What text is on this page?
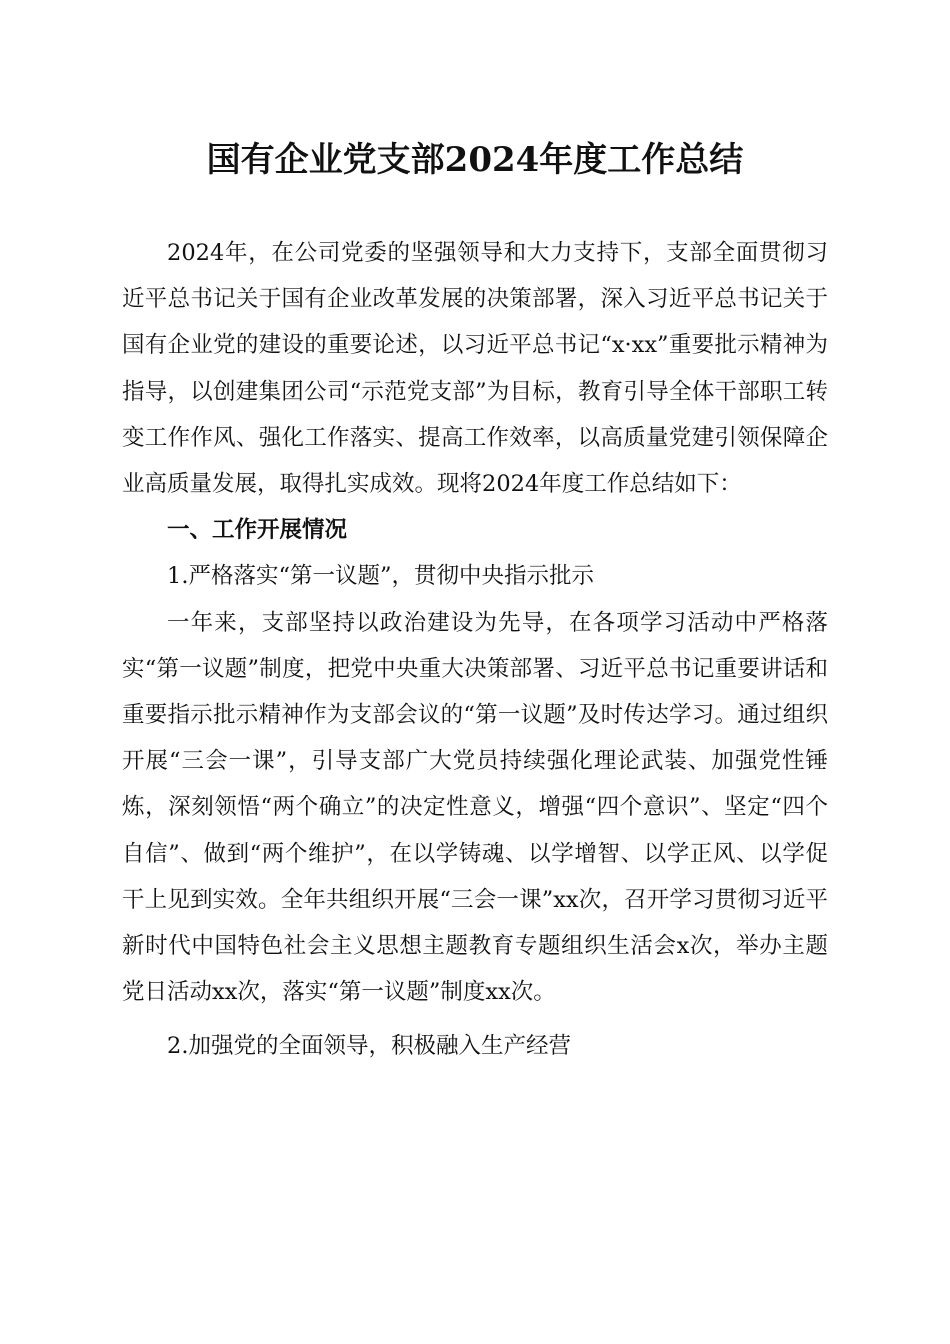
国有企业党支部2024年度工作总结

2024年，在公司党委的坚强领导和大力支持下，支部全面贯彻习近平总书记关于国有企业改革发展的决策部署，深入习近平总书记关于国有企业党的建设的重要论述，以习近平总书记“x·xx”重要批示精神为指导，以创建集团公司“示范党支部”为目标，教育引导全体干部职工转变工作作风、强化工作落实、提高工作效率，以高质量党建引领保障企业高质量发展，取得扎实成效。现将2024年度工作总结如下：

一、工作开展情况

1.严格落实“第一议题”，贯彻中央指示批示

一年来，支部坚持以政治建设为先导，在各项学习活动中严格落实“第一议题”制度，把党中央重大决策部署、习近平总书记重要讲话和重要指示批示精神作为支部会议的“第一议题”及时传达学习。通过组织开展“三会一课”，引导支部广大党员持续强化理论武装、加强党性锤炼，深刻领悟“两个确立”的决定性意义，增强“四个意识”、坚定“四个自信”、做到“两个维护”，在以学铸魂、以学增智、以学正风、以学促干上见到实效。全年共组织开展“三会一课”xx次，召开学习贯彻习近平新时代中国特色社会主义思想主题教育专题组织生活会x次，举办主题党日活动xx次，落实“第一议题”制度xx次。

2.加强党的全面领导，积极融入生产经营
